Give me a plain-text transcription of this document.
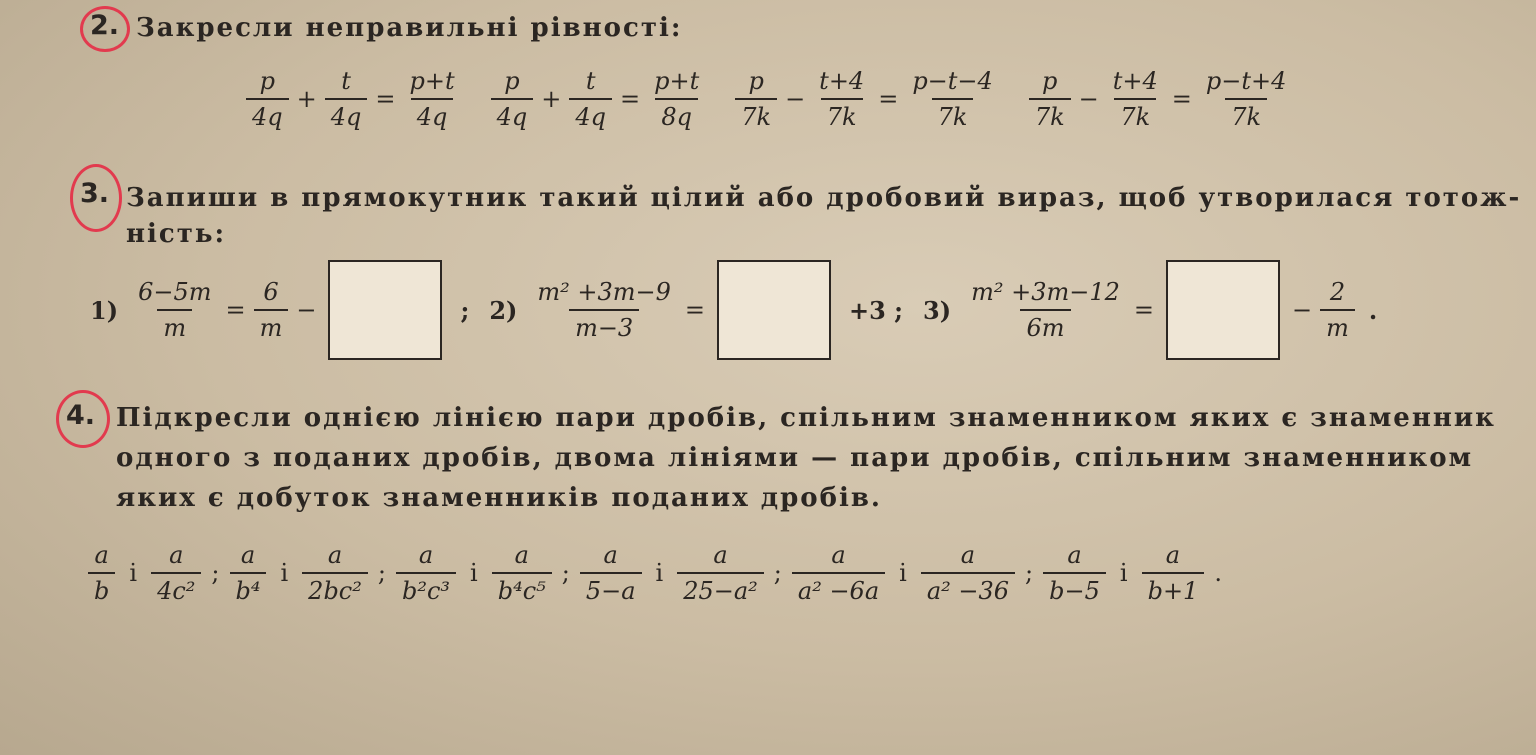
2. Закресли неправильні рівності:
$\frac{p}{4q} + \frac{t}{4q} = \frac{p+t}{4q} \frac{p}{4q} + \frac{t}{4q} = \frac{p+t}{8q} \frac{p}{7k} - \frac{t+4}{7k} = \frac{p-t-4}{7k} \frac{p}{7k} - \frac{t+4}{7k} = \frac{p-t+4}{7k}$
3. Запиши в прямокутник такий цілий або дробовий вираз, щоб утворилася тотож-
ність:
$1) \frac{6-5m}{m} = \frac{6}{m}$ −	; $2) \frac{\text{m² +3m−9}}{m-3}$ =	+3 ; $3) \frac{\text{m² +3m−12}}{6m}$ =	− $\frac{2}{m}$ .
4. Підкресли однією лінією пари дробів, спільним знаменником яких є знаменник
одного з поданих дробів, двома лініями — пари дробів, спільним знаменником
яких є добуток знаменників поданих дробів.
$\frac{a}{b}$ і $\frac{a}{\text{4c²}}$ ; $\frac{a}{\text{b⁴}}$ і $\frac{a}{\text{2bc²}}$ ; $\frac{a}{\text{b²c³}}$ і $\frac{a}{\text{b⁴c⁵}}$ ; $\frac{a}{5-a}$ і $\frac{a}{\text{25−a²}}$ ; $\frac{a}{\text{a² −6a}}$ і $\frac{a}{\text{a² −36}}$ ; $\frac{a}{b-5}$ і $\frac{a}{b+1}$ .
